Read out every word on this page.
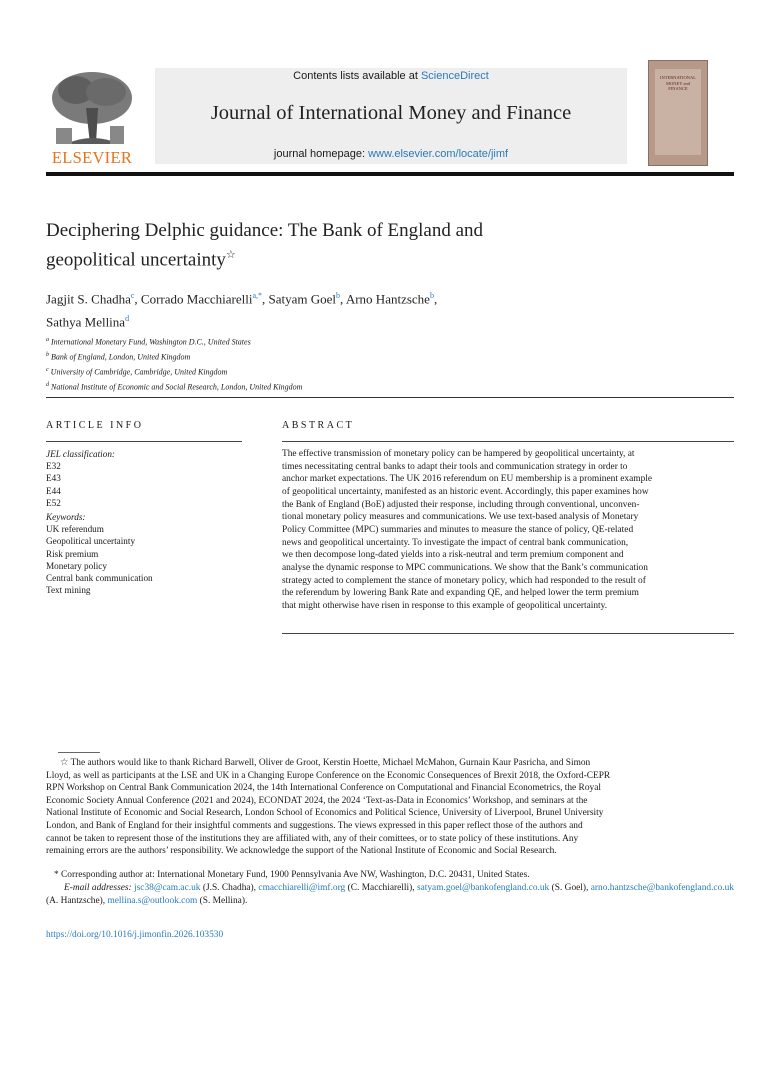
ELSEVIER
Contents lists available at ScienceDirect
Journal of International Money and Finance
journal homepage: www.elsevier.com/locate/jimf
INTERNATIONAL MONEY and FINANCE
Deciphering Delphic guidance: The Bank of England and
geopolitical uncertainty☆
Jagjit S. Chadha$^c$, Corrado Macchiarelli$^{a,*}$, Satyam Goel$^b$, Arno Hantzsche$^b$,
Sathya Mellina$^d$
$^a$ International Monetary Fund, Washington D.C., United States
$^b$ Bank of England, London, United Kingdom
$^c$ University of Cambridge, Cambridge, United Kingdom
$^d$ National Institute of Economic and Social Research, London, United Kingdom
ARTICLE INFO
JEL classification:
E32
E43
E44
E52
Keywords:
UK referendum
Geopolitical uncertainty
Risk premium
Monetary policy
Central bank communication
Text mining
ABSTRACT
The effective transmission of monetary policy can be hampered by geopolitical uncertainty, at
times necessitating central banks to adapt their tools and communication strategy in order to
anchor market expectations. The UK 2016 referendum on EU membership is a prominent example
of geopolitical uncertainty, manifested as an historic event. Accordingly, this paper examines how
the Bank of England (BoE) adjusted their response, including through conventional, unconven-
tional monetary policy measures and communications. We use text-based analysis of Monetary
Policy Committee (MPC) summaries and minutes to measure the stance of policy, QE-related
news and geopolitical uncertainty. To investigate the impact of central bank communication,
we then decompose long-dated yields into a risk-neutral and term premium component and
analyse the dynamic response to MPC communications. We show that the Bank’s communication
strategy acted to complement the stance of monetary policy, which had responded to the result of
the referendum by lowering Bank Rate and expanding QE, and helped lower the term premium
that might otherwise have risen in response to this example of geopolitical uncertainty.
☆ The authors would like to thank Richard Barwell, Oliver de Groot, Kerstin Hoette, Michael McMahon, Gurnain Kaur Pasricha, and Simon
Lloyd, as well as participants at the LSE and UK in a Changing Europe Conference on the Economic Consequences of Brexit 2018, the Oxford-CEPR
RPN Workshop on Central Bank Communication 2024, the 14th International Conference on Computational and Financial Econometrics, the Royal
Economic Society Annual Conference (2021 and 2024), ECONDAT 2024, the 2024 ‘Text-as-Data in Economics’ Workshop, and seminars at the
National Institute of Economic and Social Research, London School of Economics and Political Science, University of Liverpool, Brunel University
London, and Bank of England for their insightful comments and suggestions. The views expressed in this paper reflect those of the authors and
cannot be taken to represent those of the institutions they are affiliated with, any of their comittees, or to state policy of these institutions. Any
remaining errors are the authors’ responsibility. We acknowledge the support of the National Institute of Economic and Social Research.
* Corresponding author at: International Monetary Fund, 1900 Pennsylvania Ave NW, Washington, D.C. 20431, United States.
E-mail addresses: jsc38@cam.ac.uk (J.S. Chadha), cmacchiarelli@imf.org (C. Macchiarelli), satyam.goel@bankofengland.co.uk (S. Goel), arno.hantzsche@bankofengland.co.uk (A. Hantzsche), mellina.s@outlook.com (S. Mellina).
https://doi.org/10.1016/j.jimonfin.2026.103530
